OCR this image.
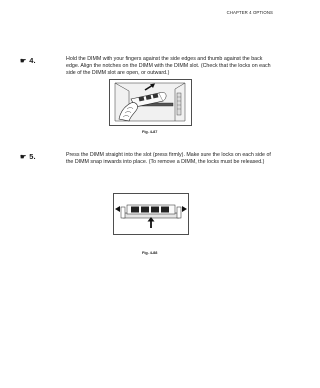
CHAPTER 4 OPTIONS
☛ 4.	Hold the DIMM with your fingers against the side edges and thumb against the back edge. Align the notches on the DIMM with the DIMM slot. (Check that the locks on each side of the DIMM slot are open, or outward.)
Fig. 4-87
☛ 5.	Press the DIMM straight into the slot (press firmly). Make sure the locks on each side of the DIMM snap inwards into place. (To remove a DIMM, the locks must be released.)
Fig. 4-88
